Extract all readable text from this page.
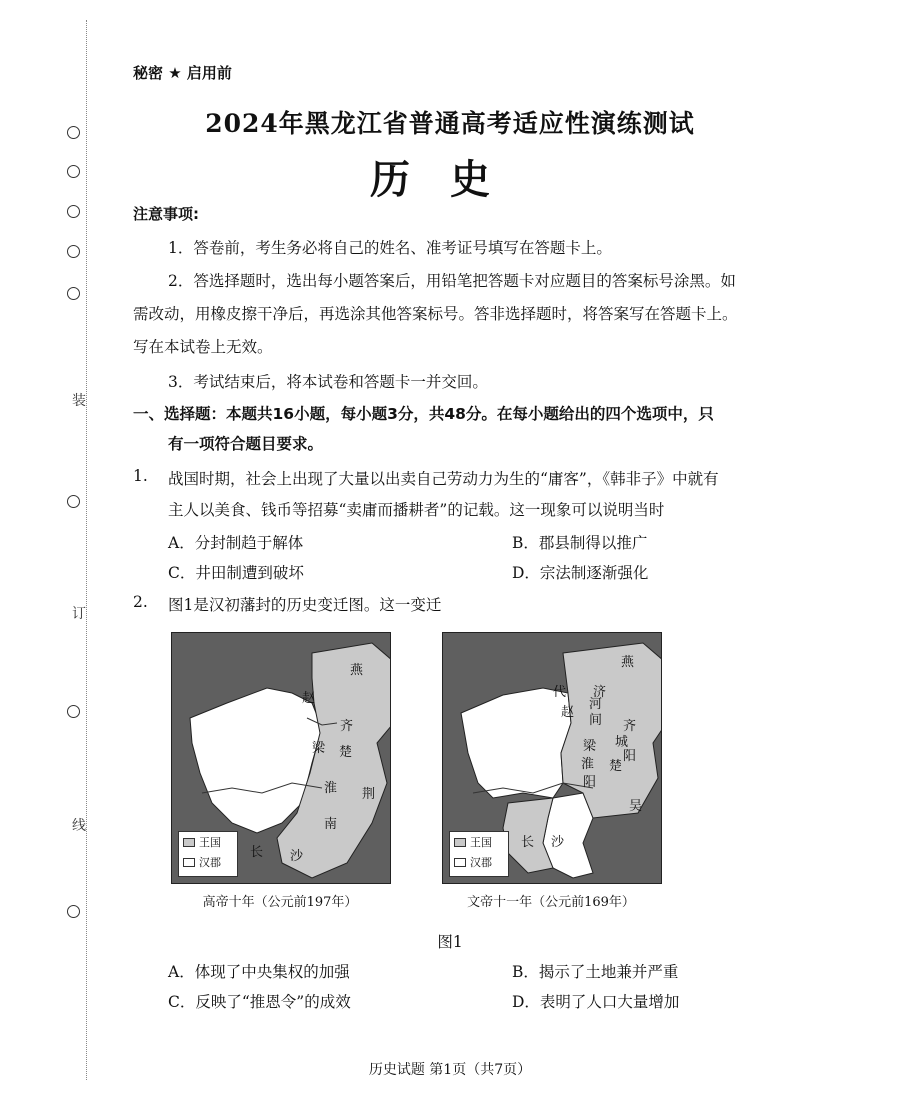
装
订
线
秘密 ★ 启用前
2024年黑龙江省普通高考适应性演练测试
历史
注意事项:
1．答卷前，考生务必将自己的姓名、准考证号填写在答题卡上。
2．答选择题时，选出每小题答案后，用铅笔把答题卡对应题目的答案标号涂黑。如
需改动，用橡皮擦干净后，再选涂其他答案标号。答非选择题时，将答案写在答题卡上。
写在本试卷上无效。
3．考试结束后，将本试卷和答题卡一并交回。
一、选择题：本题共16小题，每小题3分，共48分。在每小题给出的四个选项中，只
有一项符合题目要求。
1. 战国时期，社会上出现了大量以出卖自己劳动力为生的“庸客”，《韩非子》中就有
主人以美食、钱币等招募“卖庸而播耕者”的记载。这一现象可以说明当时
A．分封制趋于解体	B．郡县制得以推广
C．井田制遭到破坏	D．宗法制逐渐强化
2. 图1是汉初藩封的历史变迁图。这一变迁
燕
赵
齐
梁 楚
淮 荆
南
长 沙
王国
汉郡
高帝十年（公元前197年）
燕
代
赵
河
间
济
齐
城
阳
梁
淮
阳
楚
吴
长 沙
王国
汉郡
文帝十一年（公元前169年）
图1
A．体现了中央集权的加强	B．揭示了土地兼并严重
C．反映了“推恩令”的成效	D．表明了人口大量增加
历史试题 第1页（共7页）
